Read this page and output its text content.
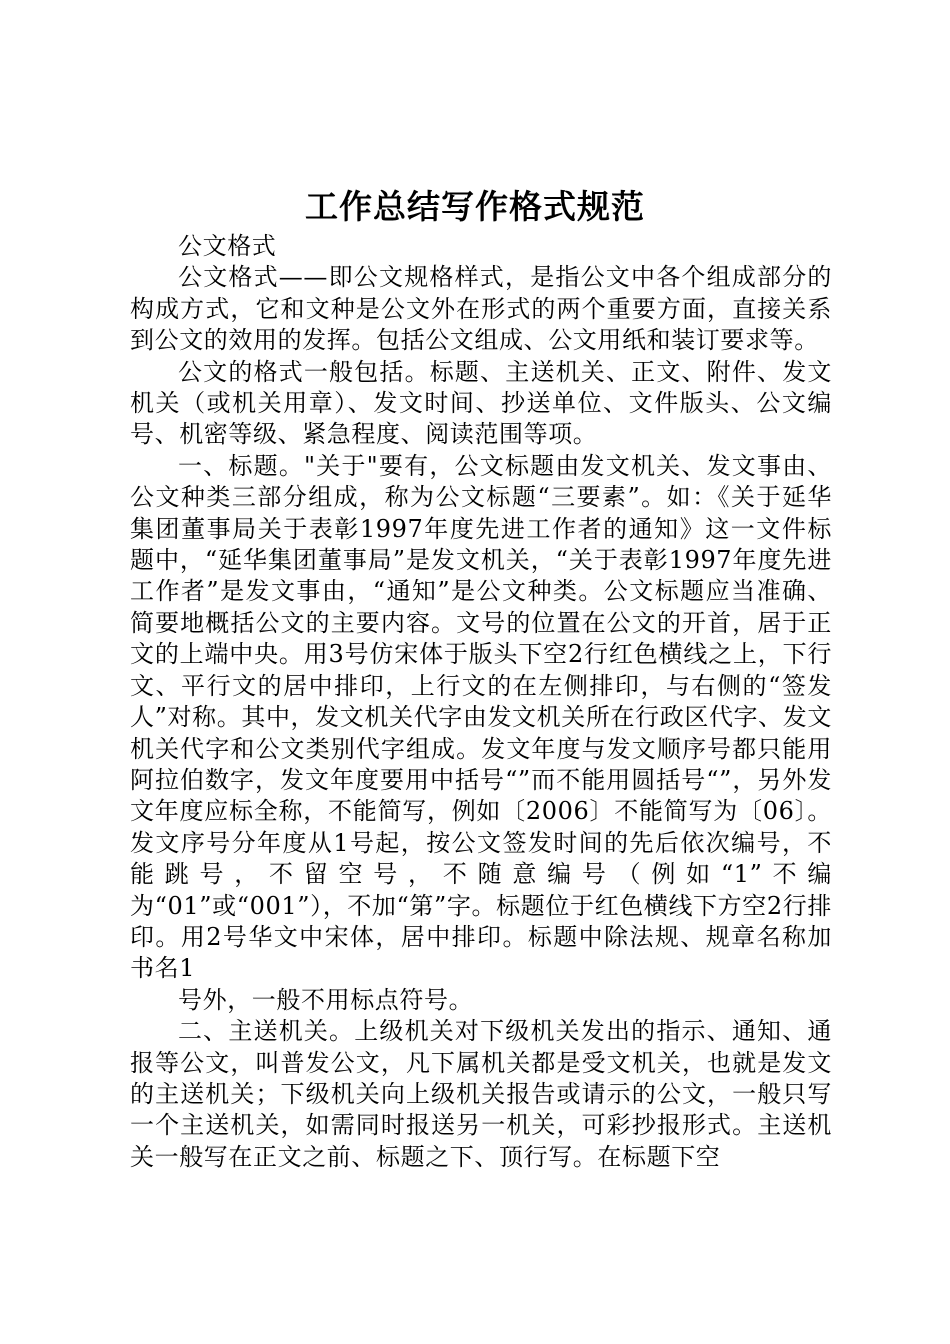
工作总结写作格式规范

公文格式

公文格式——即公文规格样式，是指公文中各个组成部分的构成方式，它和文种是公文外在形式的两个重要方面，直接关系到公文的效用的发挥。包括公文组成、公文用纸和装订要求等。

公文的格式一般包括。标题、主送机关、正文、附件、发文机关（或机关用章）、发文时间、抄送单位、文件版头、公文编号、机密等级、紧急程度、阅读范围等项。

一、标题。"关于"要有，公文标题由发文机关、发文事由、公文种类三部分组成，称为公文标题“三要素”。如：《关于延华集团董事局关于表彰1997年度先进工作者的通知》这一文件标题中，“延华集团董事局”是发文机关，“关于表彰1997年度先进工作者”是发文事由，“通知”是公文种类。公文标题应当准确、简要地概括公文的主要内容。文号的位置在公文的开首，居于正文的上端中央。用3号仿宋体于版头下空2行红色横线之上，下行文、平行文的居中排印，上行文的在左侧排印，与右侧的“签发人”对称。其中，发文机关代字由发文机关所在行政区代字、发文机关代字和公文类别代字组成。发文年度与发文顺序号都只能用阿拉伯数字，发文年度要用中括号“”而不能用圆括号“”，另外发文年度应标全称，不能简写，例如〔2006〕不能简写为〔06〕。发文序号分年度从1号起，按公文签发时间的先后依次编号，不能跳号，不留空号，不随意编号（例如“1”不编为“01”或“001”），不加“第”字。标题位于红色横线下方空2行排印。用2号华文中宋体，居中排印。标题中除法规、规章名称加书名1

号外，一般不用标点符号。

二、主送机关。上级机关对下级机关发出的指示、通知、通报等公文，叫普发公文，凡下属机关都是受文机关，也就是发文的主送机关；下级机关向上级机关报告或请示的公文，一般只写一个主送机关，如需同时报送另一机关，可彩抄报形式。主送机关一般写在正文之前、标题之下、顶行写。在标题下空
